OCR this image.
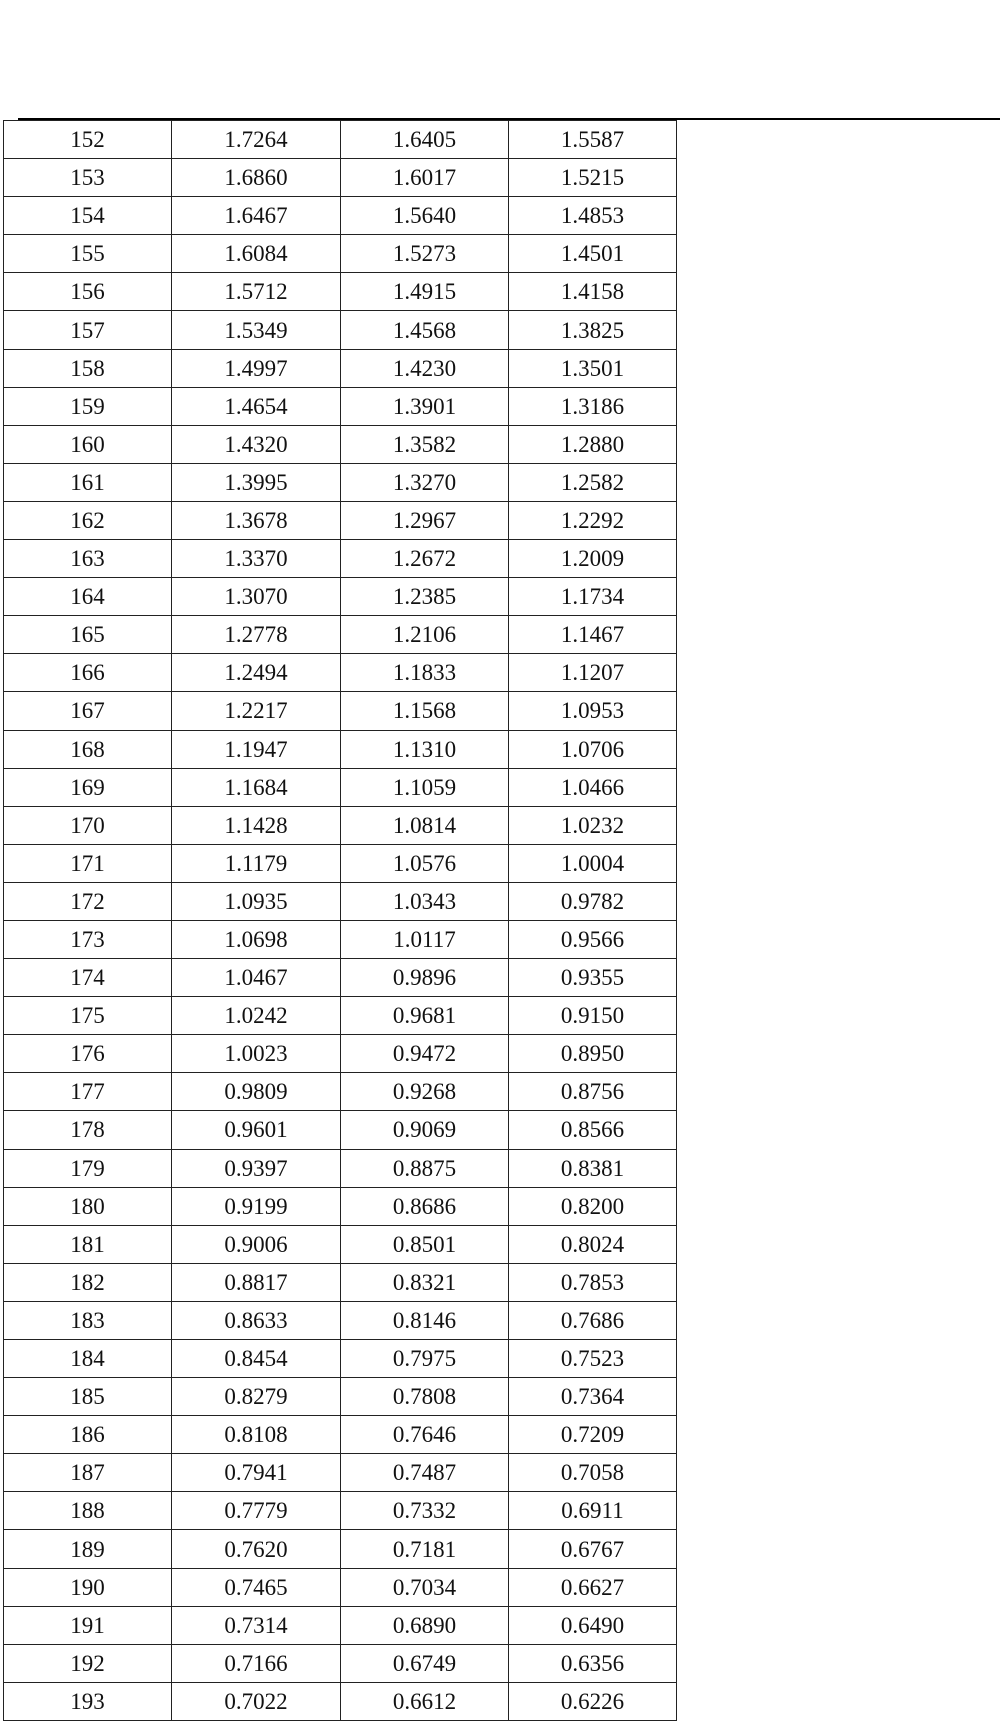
152	1.7264	1.6405	1.5587
153	1.6860	1.6017	1.5215
154	1.6467	1.5640	1.4853
155	1.6084	1.5273	1.4501
156	1.5712	1.4915	1.4158
157	1.5349	1.4568	1.3825
158	1.4997	1.4230	1.3501
159	1.4654	1.3901	1.3186
160	1.4320	1.3582	1.2880
161	1.3995	1.3270	1.2582
162	1.3678	1.2967	1.2292
163	1.3370	1.2672	1.2009
164	1.3070	1.2385	1.1734
165	1.2778	1.2106	1.1467
166	1.2494	1.1833	1.1207
167	1.2217	1.1568	1.0953
168	1.1947	1.1310	1.0706
169	1.1684	1.1059	1.0466
170	1.1428	1.0814	1.0232
171	1.1179	1.0576	1.0004
172	1.0935	1.0343	0.9782
173	1.0698	1.0117	0.9566
174	1.0467	0.9896	0.9355
175	1.0242	0.9681	0.9150
176	1.0023	0.9472	0.8950
177	0.9809	0.9268	0.8756
178	0.9601	0.9069	0.8566
179	0.9397	0.8875	0.8381
180	0.9199	0.8686	0.8200
181	0.9006	0.8501	0.8024
182	0.8817	0.8321	0.7853
183	0.8633	0.8146	0.7686
184	0.8454	0.7975	0.7523
185	0.8279	0.7808	0.7364
186	0.8108	0.7646	0.7209
187	0.7941	0.7487	0.7058
188	0.7779	0.7332	0.6911
189	0.7620	0.7181	0.6767
190	0.7465	0.7034	0.6627
191	0.7314	0.6890	0.6490
192	0.7166	0.6749	0.6356
193	0.7022	0.6612	0.6226
